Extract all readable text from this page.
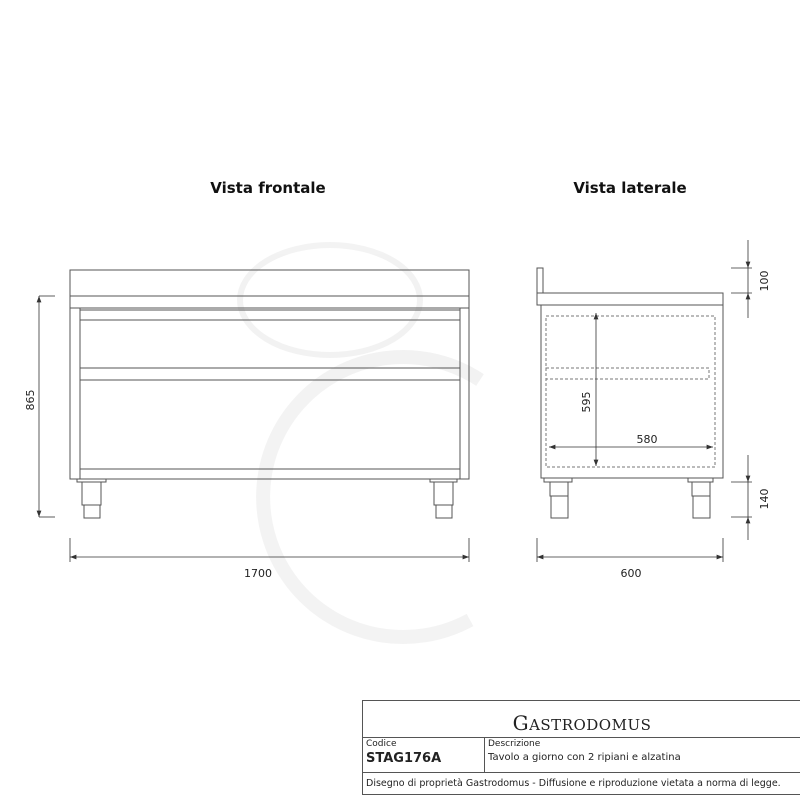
Vista frontale	Vista laterale
865
1700
595
580
100
140
600
GASTRODOMUS
Codice
STAG176A
Descrizione
Tavolo a giorno con 2 ripiani e alzatina
Disegno di proprietà Gastrodomus - Diffusione e riproduzione vietata a norma di legge.
